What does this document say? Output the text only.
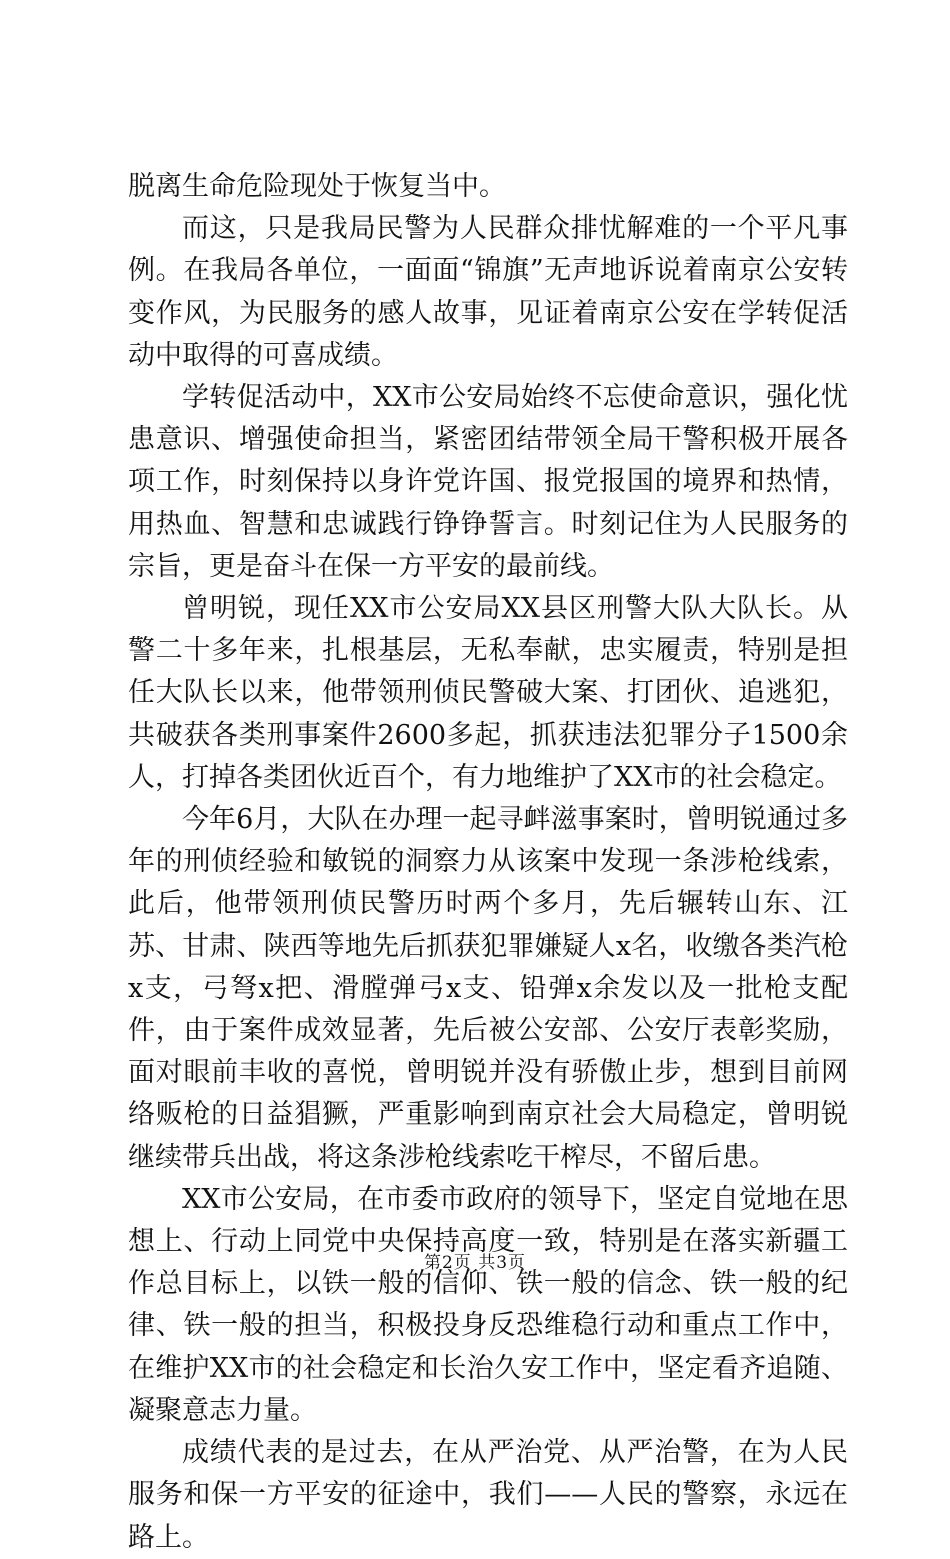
脱离生命危险现处于恢复当中。

而这，只是我局民警为人民群众排忧解难的一个平凡事例。在我局各单位，一面面“锦旗”无声地诉说着南京公安转变作风，为民服务的感人故事，见证着南京公安在学转促活动中取得的可喜成绩。

学转促活动中，XX市公安局始终不忘使命意识，强化忧患意识、增强使命担当，紧密团结带领全局干警积极开展各项工作，时刻保持以身许党许国、报党报国的境界和热情，用热血、智慧和忠诚践行铮铮誓言。时刻记住为人民服务的宗旨，更是奋斗在保一方平安的最前线。

曾明锐，现任XX市公安局XX县区刑警大队大队长。从警二十多年来，扎根基层，无私奉献，忠实履责，特别是担任大队长以来，他带领刑侦民警破大案、打团伙、追逃犯，共破获各类刑事案件2600多起，抓获违法犯罪分子1500余人，打掉各类团伙近百个，有力地维护了XX市的社会稳定。

今年6月，大队在办理一起寻衅滋事案时，曾明锐通过多年的刑侦经验和敏锐的洞察力从该案中发现一条涉枪线索，此后，他带领刑侦民警历时两个多月，先后辗转山东、江苏、甘肃、陕西等地先后抓获犯罪嫌疑人x名，收缴各类汽枪x支，弓弩x把、滑膛弹弓x支、铅弹x余发以及一批枪支配件，由于案件成效显著，先后被公安部、公安厅表彰奖励，面对眼前丰收的喜悦，曾明锐并没有骄傲止步，想到目前网络贩枪的日益猖獗，严重影响到南京社会大局稳定，曾明锐继续带兵出战，将这条涉枪线索吃干榨尽，不留后患。

XX市公安局，在市委市政府的领导下，坚定自觉地在思想上、行动上同党中央保持高度一致，特别是在落实新疆工作总目标上，以铁一般的信仰、铁一般的信念、铁一般的纪律、铁一般的担当，积极投身反恐维稳行动和重点工作中，在维护XX市的社会稳定和长治久安工作中，坚定看齐追随、凝聚意志力量。

成绩代表的是过去，在从严治党、从严治警，在为人民服务和保一方平安的征途中，我们——人民的警察，永远在路上。

第2页 共3页
